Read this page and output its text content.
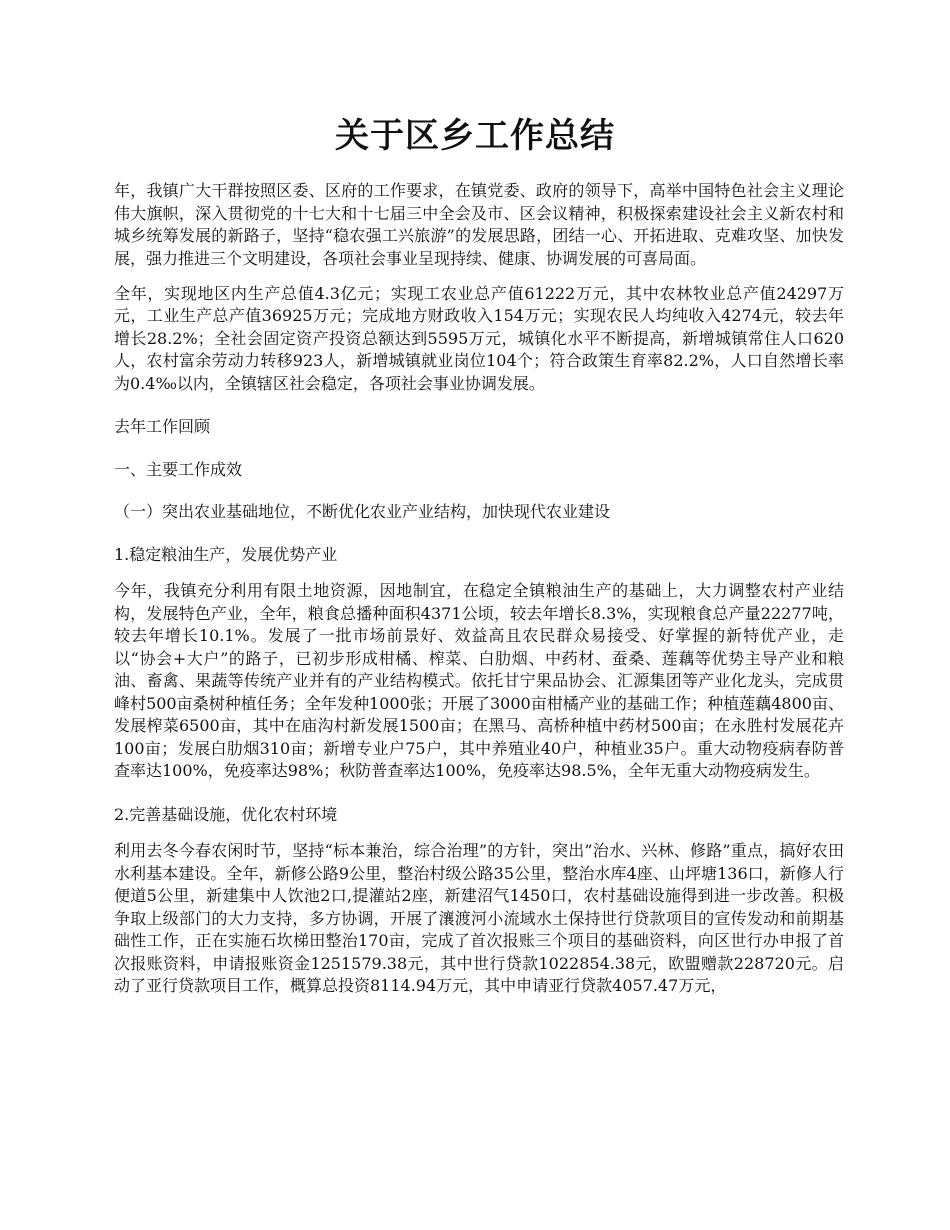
关于区乡工作总结

年，我镇广大干群按照区委、区府的工作要求，在镇党委、政府的领导下，高举中国特色社会主义理论伟大旗帜，深入贯彻党的十七大和十七届三中全会及市、区会议精神，积极探索建设社会主义新农村和城乡统筹发展的新路子，坚持“稳农强工兴旅游”的发展思路，团结一心、开拓进取、克难攻坚、加快发展，强力推进三个文明建设，各项社会事业呈现持续、健康、协调发展的可喜局面。

全年，实现地区内生产总值4.3亿元；实现工农业总产值61222万元，其中农林牧业总产值24297万元，工业生产总产值36925万元；完成地方财政收入154万元；实现农民人均纯收入4274元，较去年增长28.2%；全社会固定资产投资总额达到5595万元，城镇化水平不断提高，新增城镇常住人口620人，农村富余劳动力转移923人，新增城镇就业岗位104个；符合政策生育率82.2%，人口自然增长率为0.4‰以内，全镇辖区社会稳定，各项社会事业协调发展。

去年工作回顾

一、主要工作成效

（一）突出农业基础地位，不断优化农业产业结构，加快现代农业建设

1.稳定粮油生产，发展优势产业

今年，我镇充分利用有限土地资源，因地制宜，在稳定全镇粮油生产的基础上，大力调整农村产业结构，发展特色产业，全年，粮食总播种面积4371公顷，较去年增长8.3%，实现粮食总产量22277吨，较去年增长10.1%。发展了一批市场前景好、效益高且农民群众易接受、好掌握的新特优产业，走以“协会+大户”的路子，已初步形成柑橘、榨菜、白肋烟、中药材、蚕桑、莲藕等优势主导产业和粮油、畜禽、果蔬等传统产业并有的产业结构模式。依托甘宁果品协会、汇源集团等产业化龙头，完成贯峰村500亩桑树种植任务；全年发种1000张；开展了3000亩柑橘产业的基础工作；种植莲藕4800亩、发展榨菜6500亩，其中在庙沟村新发展1500亩；在黑马、高桥种植中药材500亩；在永胜村发展花卉100亩；发展白肋烟310亩；新增专业户75户，其中养殖业40户，种植业35户。重大动物疫病春防普查率达100%，免疫率达98%；秋防普查率达100%，免疫率达98.5%，全年无重大动物疫病发生。

2.完善基础设施，优化农村环境

利用去冬今春农闲时节，坚持“标本兼治，综合治理”的方针，突出”治水、兴林、修路”重点，搞好农田水利基本建设。全年，新修公路9公里，整治村级公路35公里，整治水库4座、山坪塘136口，新修人行便道5公里，新建集中人饮池2口,提灌站2座，新建沼气1450口，农村基础设施得到进一步改善。积极争取上级部门的大力支持，多方协调，开展了瀼渡河小流域水土保持世行贷款项目的宣传发动和前期基础性工作，正在实施石坎梯田整治170亩，完成了首次报账三个项目的基础资料，向区世行办申报了首次报账资料，申请报账资金1251579.38元，其中世行贷款1022854.38元，欧盟赠款228720元。启动了亚行贷款项目工作，概算总投资8114.94万元，其中申请亚行贷款4057.47万元，
